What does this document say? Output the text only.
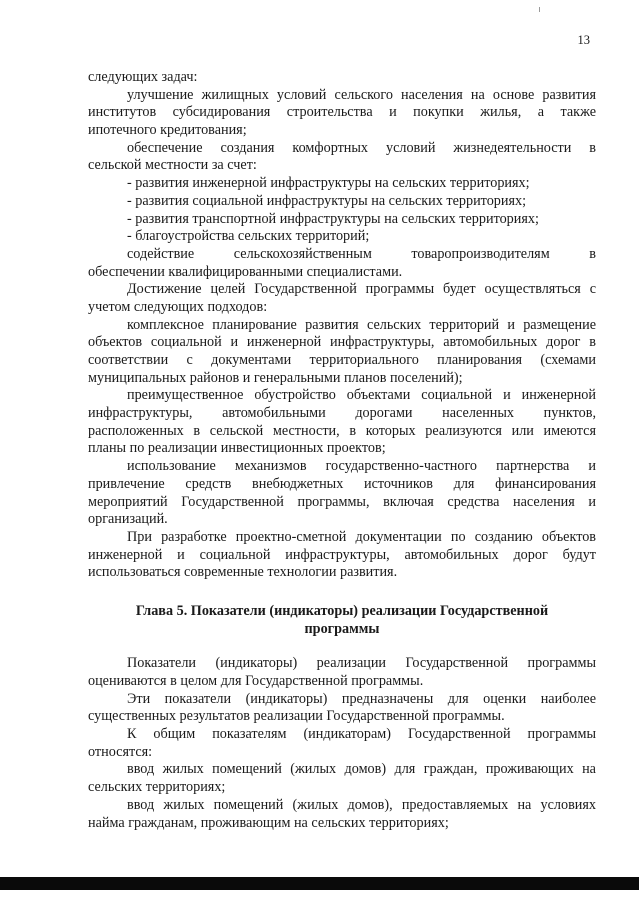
13
следующих задач:
улучшение жилищных условий сельского населения на основе развития
институтов субсидирования строительства и покупки жилья, а также
ипотечного кредитования;
обеспечение создания комфортных условий жизнедеятельности в
сельской местности за счет:
- развития инженерной инфраструктуры на сельских территориях;
- развития социальной инфраструктуры на сельских территориях;
- развития транспортной инфраструктуры на сельских территориях;
- благоустройства сельских территорий;
содействие сельскохозяйственным товаропроизводителям в
обеспечении квалифицированными специалистами.
Достижение целей Государственной программы будет осуществляться с
учетом следующих подходов:
комплексное планирование развития сельских территорий и размещение
объектов социальной и инженерной инфраструктуры, автомобильных дорог в
соответствии с документами территориального планирования (схемами
муниципальных районов и генеральными планов поселений);
преимущественное обустройство объектами социальной и инженерной
инфраструктуры, автомобильными дорогами населенных пунктов,
расположенных в сельской местности, в которых реализуются или имеются
планы по реализации инвестиционных проектов;
использование механизмов государственно-частного партнерства и
привлечение средств внебюджетных источников для финансирования
мероприятий Государственной программы, включая средства населения и
организаций.
При разработке проектно-сметной документации по созданию объектов
инженерной и социальной инфраструктуры, автомобильных дорог будут
использоваться современные технологии развития.
Глава 5. Показатели (индикаторы) реализации Государственной
программы
Показатели (индикаторы) реализации Государственной программы
оцениваются в целом для Государственной программы.
Эти показатели (индикаторы) предназначены для оценки наиболее
существенных результатов реализации Государственной программы.
К общим показателям (индикаторам) Государственной программы
относятся:
ввод жилых помещений (жилых домов) для граждан, проживающих на
сельских территориях;
ввод жилых помещений (жилых домов), предоставляемых на условиях
найма гражданам, проживающим на сельских территориях;
